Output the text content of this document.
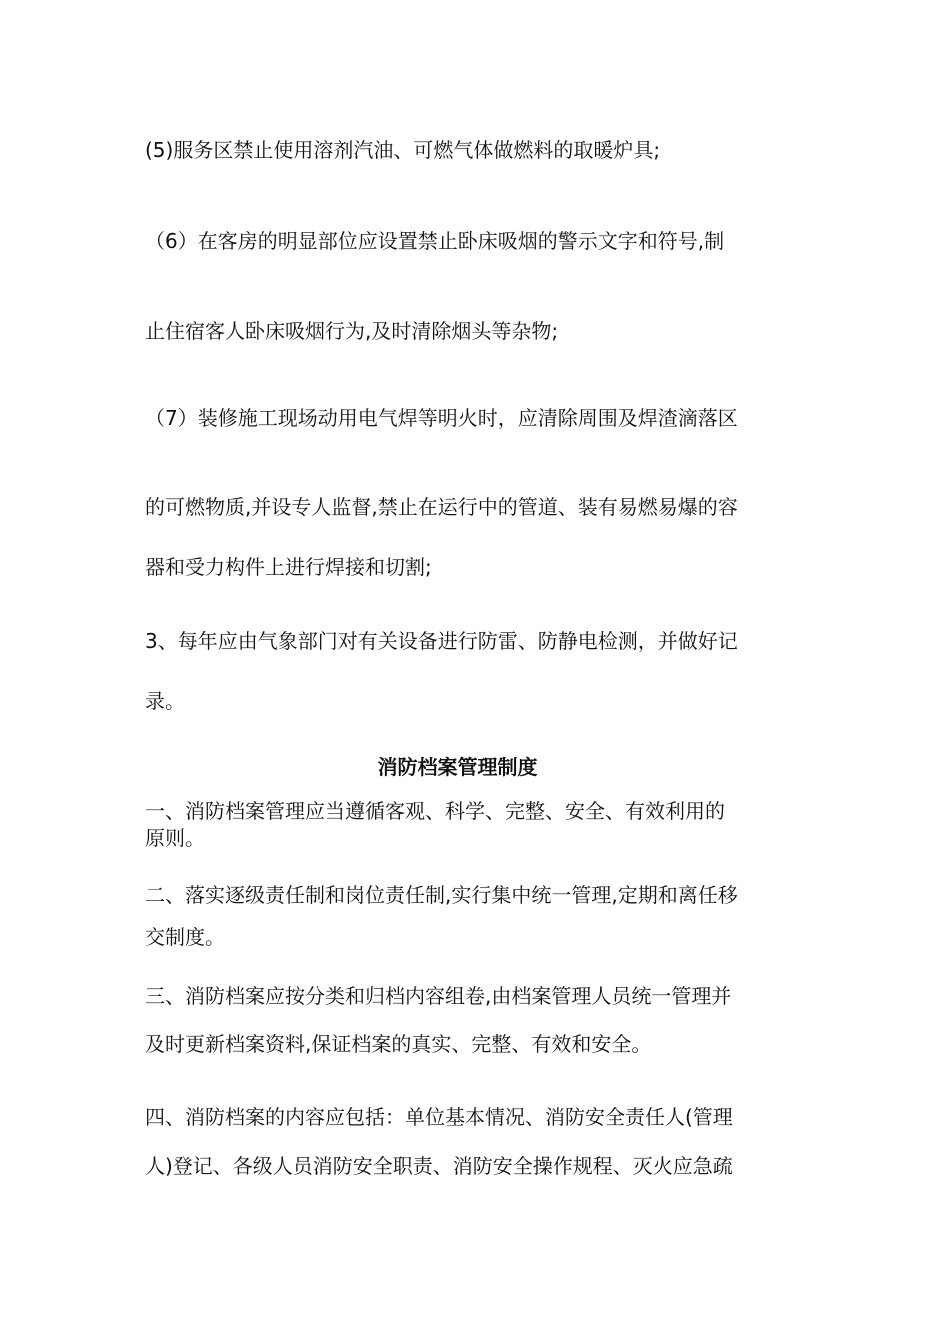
(5)服务区禁止使用溶剂汽油、可燃气体做燃料的取暖炉具;
（6）在客房的明显部位应设置禁止卧床吸烟的警示文字和符号,制
止住宿客人卧床吸烟行为,及时清除烟头等杂物;
（7）装修施工现场动用电气焊等明火时，应清除周围及焊渣滴落区
的可燃物质,并设专人监督,禁止在运行中的管道、装有易燃易爆的容
器和受力构件上进行焊接和切割;
3、每年应由气象部门对有关设备进行防雷、防静电检测，并做好记
录。
消防档案管理制度
一、消防档案管理应当遵循客观、科学、完整、安全、有效利用的
原则。
二、落实逐级责任制和岗位责任制,实行集中统一管理,定期和离任移
交制度。
三、消防档案应按分类和归档内容组卷,由档案管理人员统一管理并
及时更新档案资料,保证档案的真实、完整、有效和安全。
四、消防档案的内容应包括：单位基本情况、消防安全责任人(管理
人)登记、各级人员消防安全职责、消防安全操作规程、灭火应急疏
